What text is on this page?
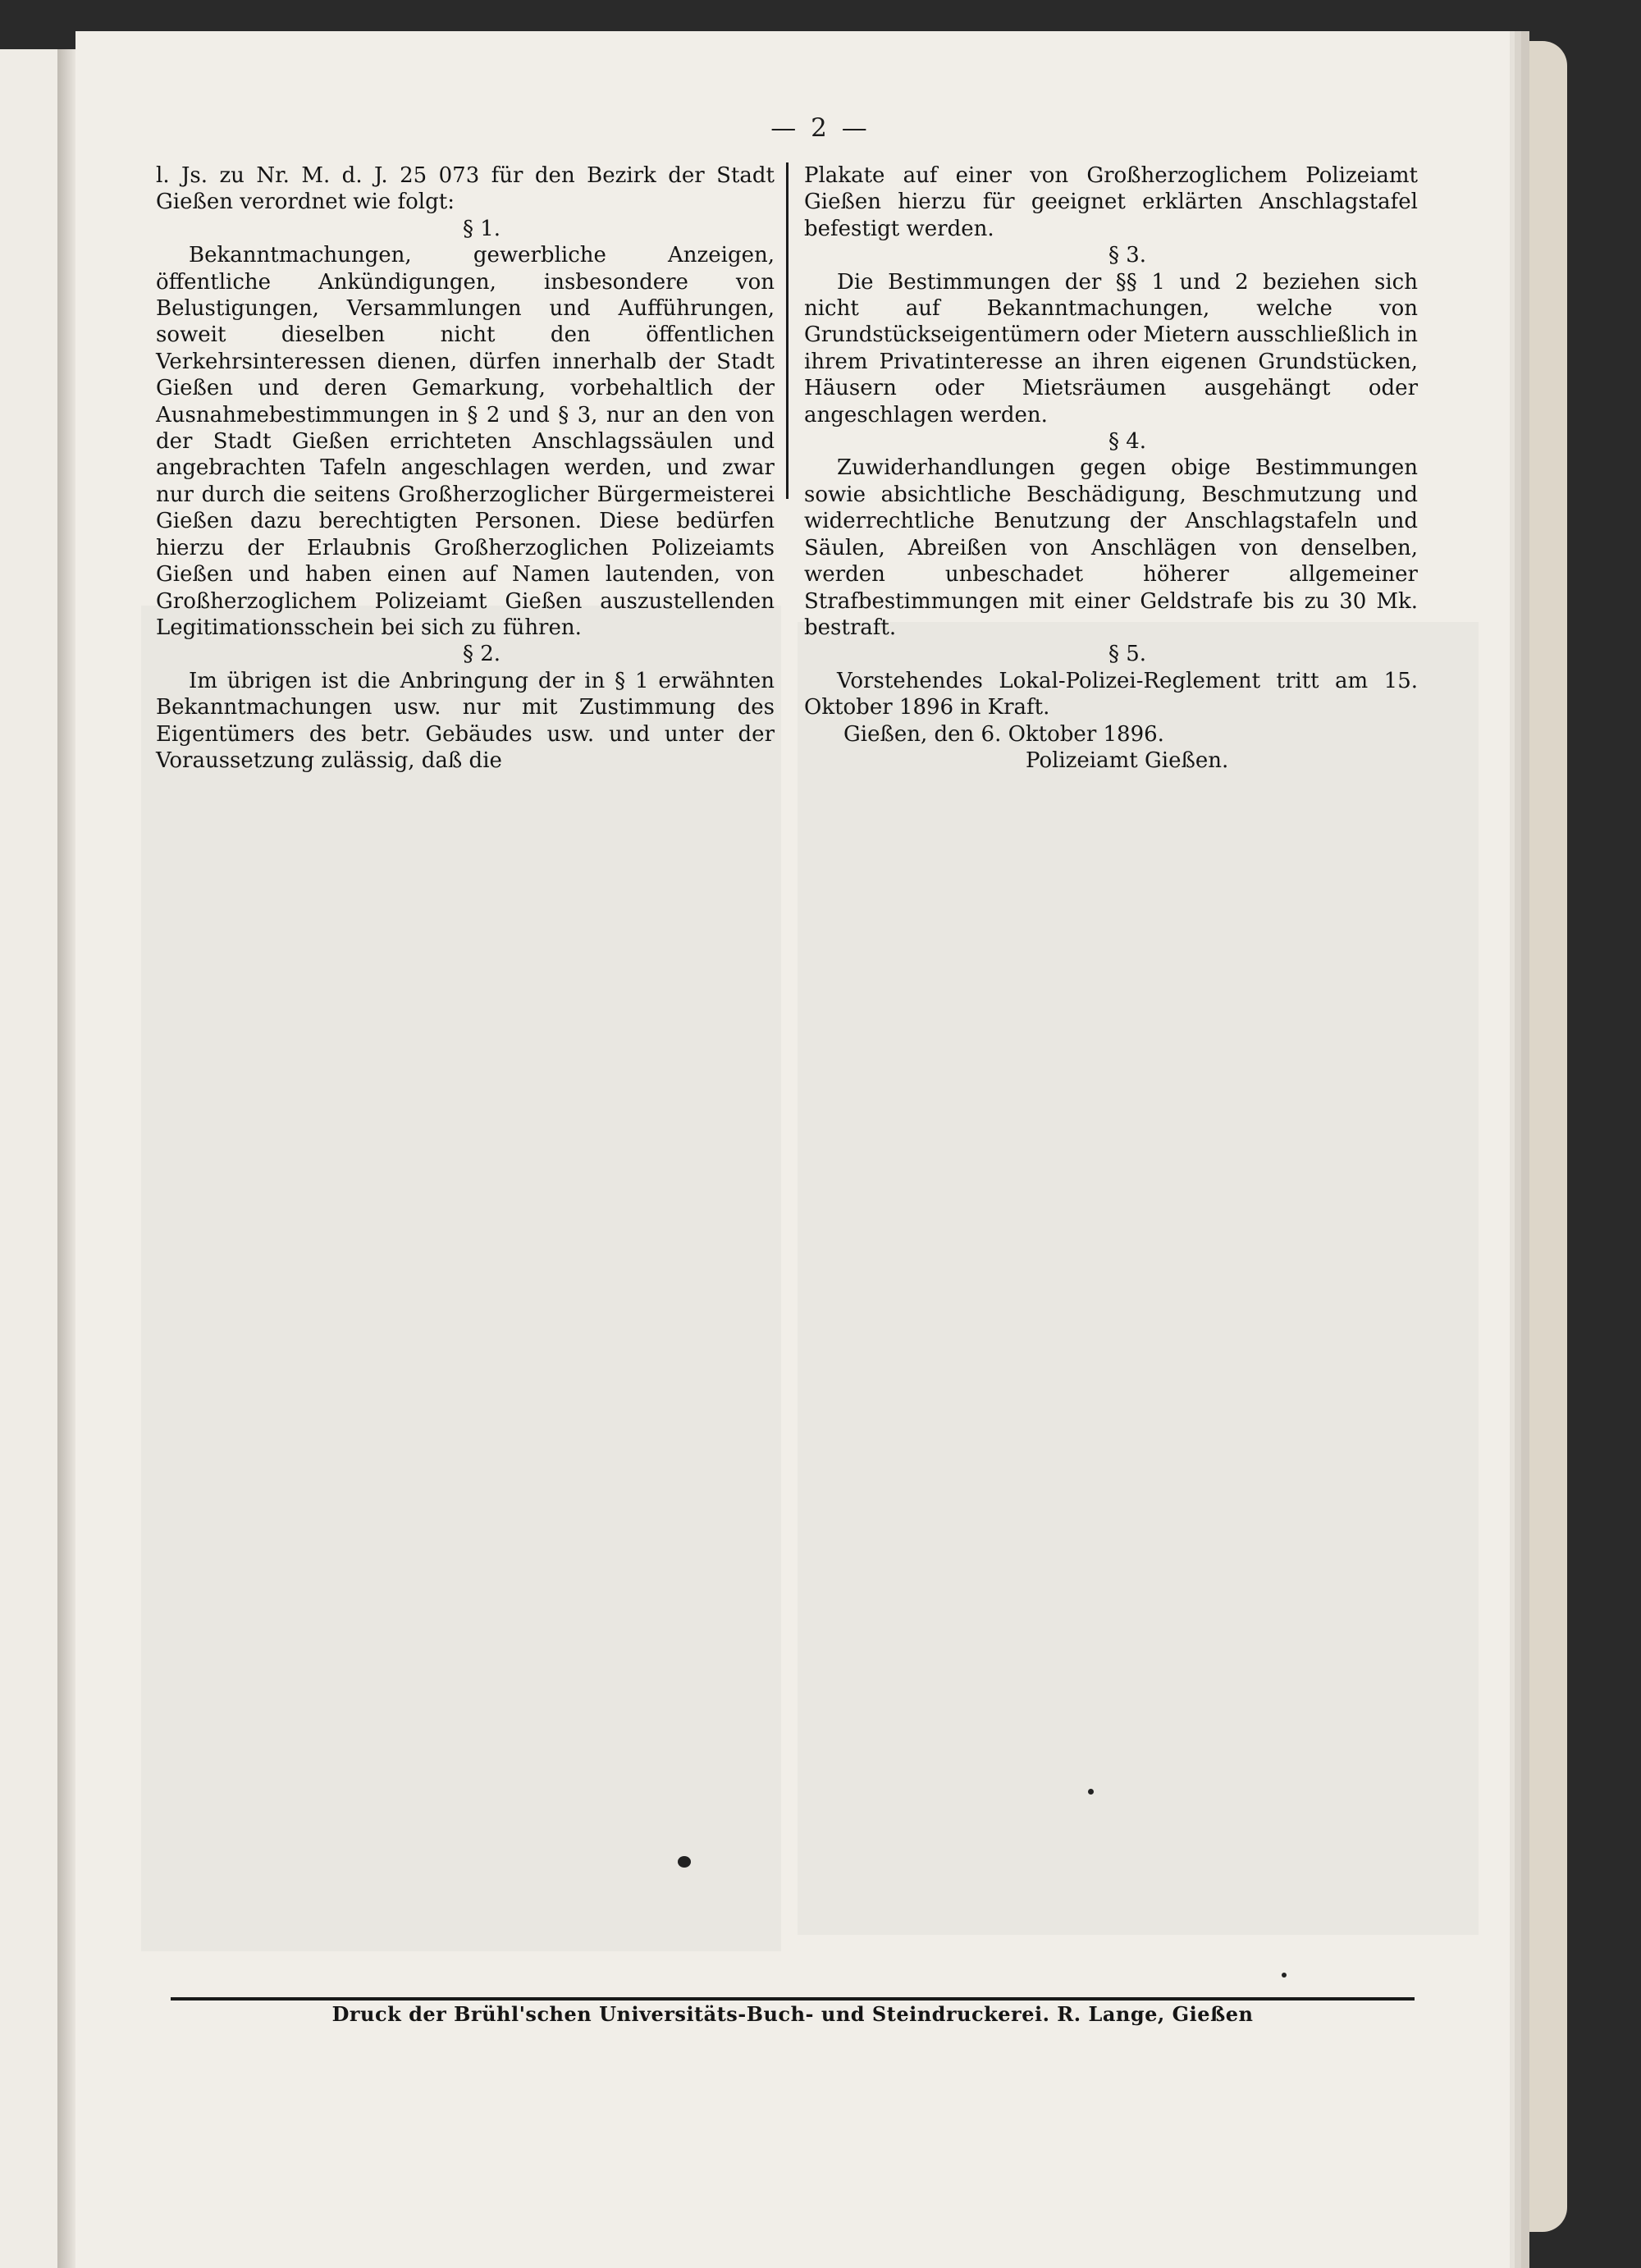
— 2 —

l. Js. zu Nr. M. d. J. 25 073 für den Bezirk der Stadt Gießen verordnet wie folgt:

§ 1.

Bekanntmachungen, gewerbliche Anzeigen, öffentliche Ankündigungen, insbesondere von Belustigungen, Versammlungen und Aufführungen, soweit dieselben nicht den öffentlichen Verkehrsinteressen dienen, dürfen innerhalb der Stadt Gießen und deren Gemarkung, vorbehaltlich der Ausnahmebestimmungen in § 2 und § 3, nur an den von der Stadt Gießen errichteten Anschlagssäulen und angebrachten Tafeln angeschlagen werden, und zwar nur durch die seitens Großherzoglicher Bürgermeisterei Gießen dazu berechtigten Personen. Diese bedürfen hierzu der Erlaubnis Großherzoglichen Polizeiamts Gießen und haben einen auf Namen lautenden, von Großherzoglichem Polizeiamt Gießen auszustellenden Legitimationsschein bei sich zu führen.

§ 2.

Im übrigen ist die Anbringung der in § 1 erwähnten Bekanntmachungen usw. nur mit Zustimmung des Eigentümers des betr. Gebäudes usw. und unter der Voraussetzung zulässig, daß die

Plakate auf einer von Großherzoglichem Polizeiamt Gießen hierzu für geeignet erklärten Anschlagstafel befestigt werden.

§ 3.

Die Bestimmungen der §§ 1 und 2 beziehen sich nicht auf Bekanntmachungen, welche von Grundstückseigentümern oder Mietern ausschließlich in ihrem Privatinteresse an ihren eigenen Grundstücken, Häusern oder Mietsräumen ausgehängt oder angeschlagen werden.

§ 4.

Zuwiderhandlungen gegen obige Bestimmungen sowie absichtliche Beschädigung, Beschmutzung und widerrechtliche Benutzung der Anschlagstafeln und Säulen, Abreißen von Anschlägen von denselben, werden unbeschadet höherer allgemeiner Strafbestimmungen mit einer Geldstrafe bis zu 30 Mk. bestraft.

§ 5.

Vorstehendes Lokal-Polizei-Reglement tritt am 15. Oktober 1896 in Kraft.

Gießen, den 6. Oktober 1896.

Polizeiamt Gießen.

Druck der Brühl'schen Universitäts-Buch- und Steindruckerei. R. Lange, Gießen
